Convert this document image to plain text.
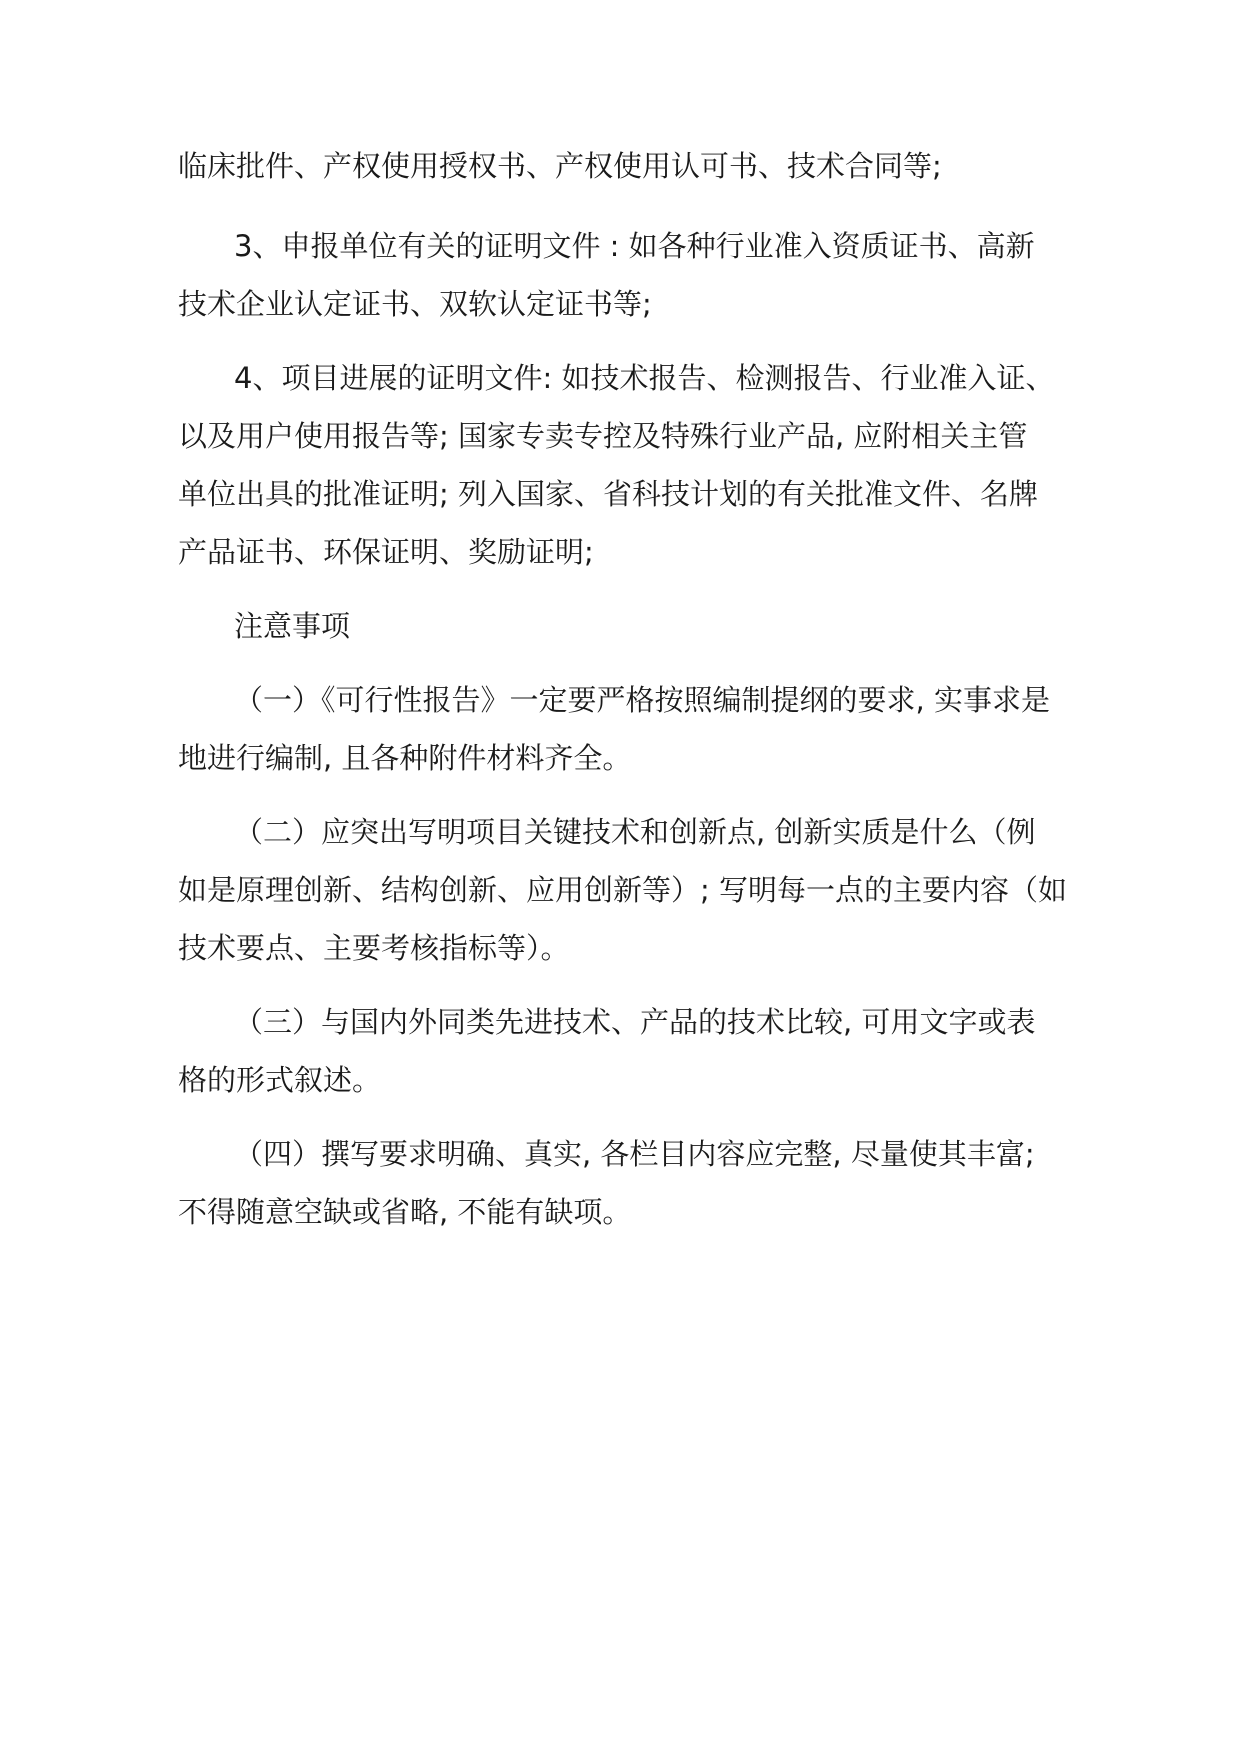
临床批件、产权使用授权书、产权使用认可书、技术合同等;

3、申报单位有关的证明文件 : 如各种行业准入资质证书、高新

技术企业认定证书、双软认定证书等;

4、项目进展的证明文件: 如技术报告、检测报告、行业准入证、

以及用户使用报告等; 国家专卖专控及特殊行业产品, 应附相关主管

单位出具的批准证明; 列入国家、省科技计划的有关批准文件、名牌

产品证书、环保证明、奖励证明;

注意事项

（一）《可行性报告》一定要严格按照编制提纲的要求, 实事求是

地进行编制, 且各种附件材料齐全。

（二）应突出写明项目关键技术和创新点, 创新实质是什么（例

如是原理创新、结构创新、应用创新等）; 写明每一点的主要内容（如

技术要点、主要考核指标等）。

（三）与国内外同类先进技术、产品的技术比较, 可用文字或表

格的形式叙述。

（四）撰写要求明确、真实, 各栏目内容应完整, 尽量使其丰富;

不得随意空缺或省略, 不能有缺项。
